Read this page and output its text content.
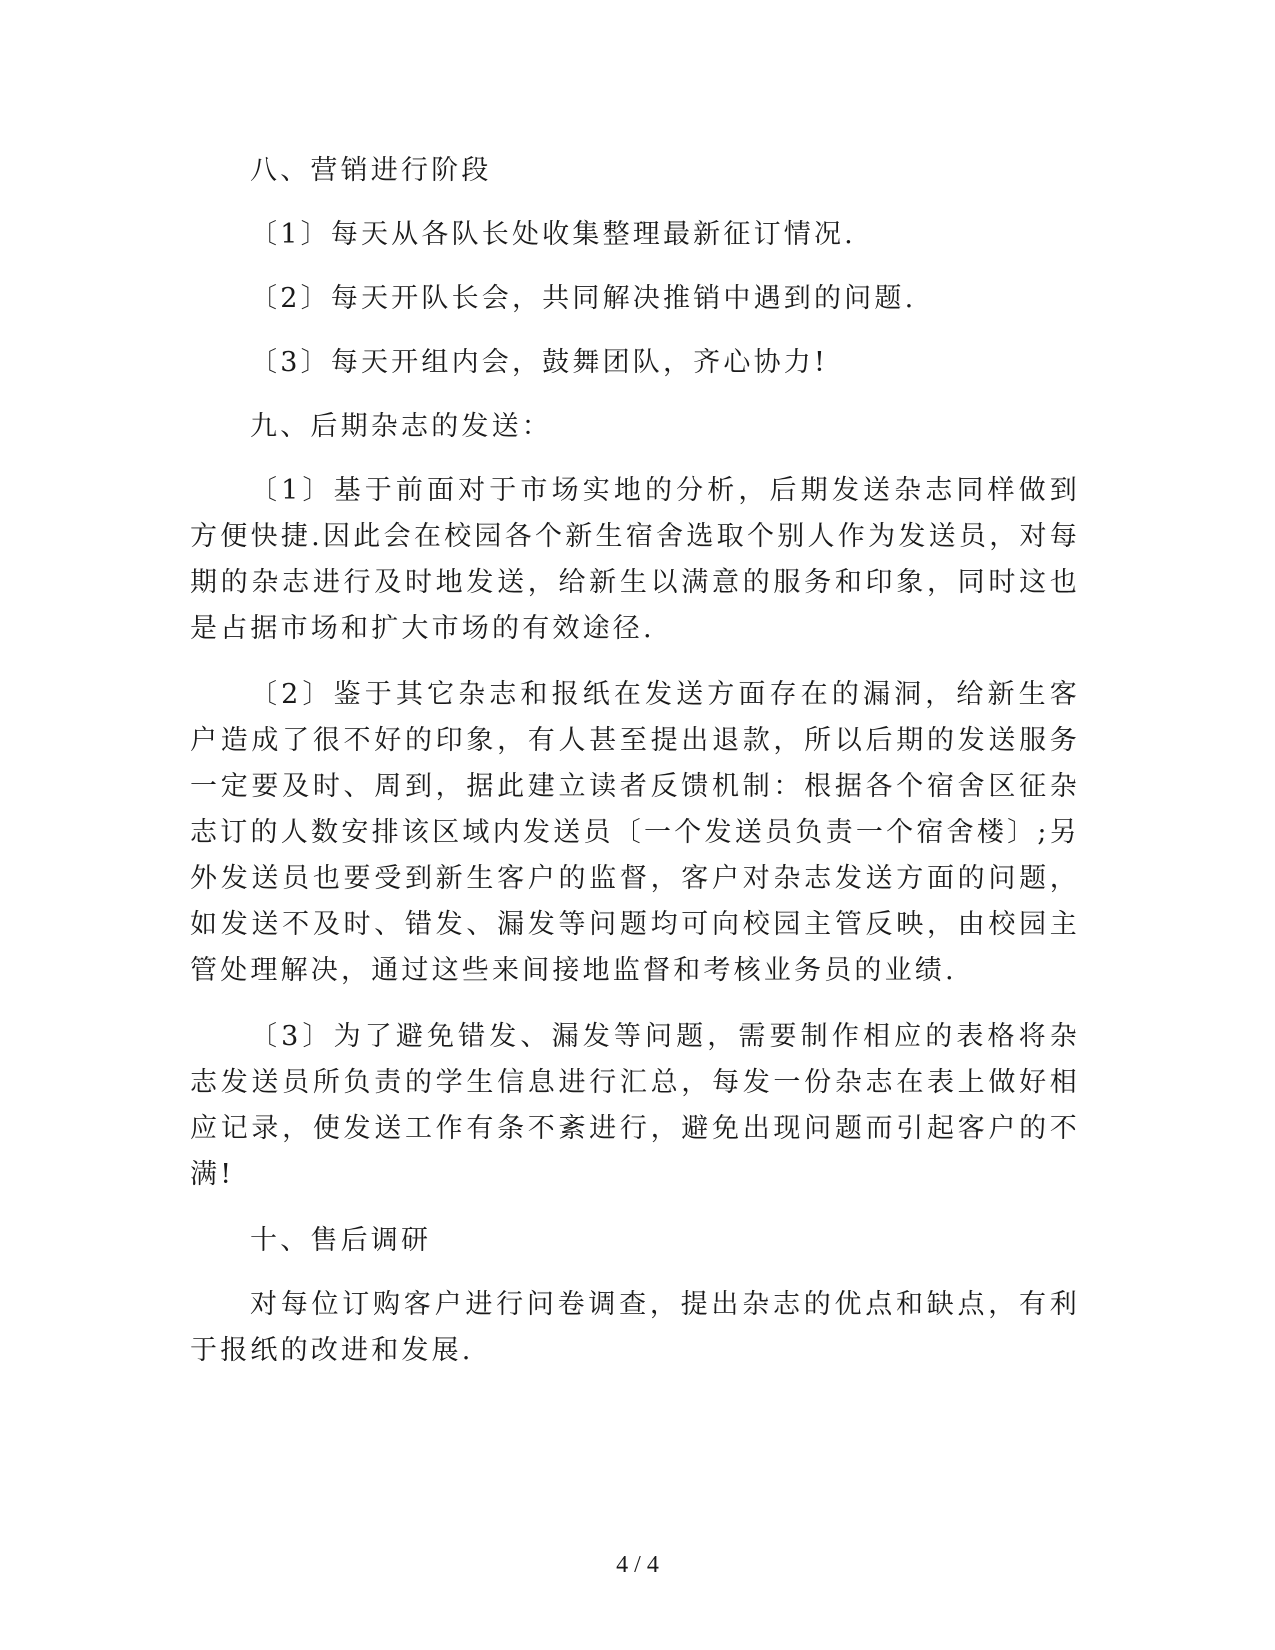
八、营销进行阶段

〔1〕每天从各队长处收集整理最新征订情况.

〔2〕每天开队长会，共同解决推销中遇到的问题.

〔3〕每天开组内会，鼓舞团队，齐心协力!

九、后期杂志的发送：

〔1〕基于前面对于市场实地的分析，后期发送杂志同样做到方便快捷.因此会在校园各个新生宿舍选取个别人作为发送员，对每期的杂志进行及时地发送，给新生以满意的服务和印象，同时这也是占据市场和扩大市场的有效途径.

〔2〕鉴于其它杂志和报纸在发送方面存在的漏洞，给新生客户造成了很不好的印象，有人甚至提出退款，所以后期的发送服务一定要及时、周到，据此建立读者反馈机制：根据各个宿舍区征杂志订的人数安排该区域内发送员〔一个发送员负责一个宿舍楼〕;另外发送员也要受到新生客户的监督，客户对杂志发送方面的问题，如发送不及时、错发、漏发等问题均可向校园主管反映，由校园主管处理解决，通过这些来间接地监督和考核业务员的业绩.

〔3〕为了避免错发、漏发等问题，需要制作相应的表格将杂志发送员所负责的学生信息进行汇总，每发一份杂志在表上做好相应记录，使发送工作有条不紊进行，避免出现问题而引起客户的不满!

十、售后调研

对每位订购客户进行问卷调查，提出杂志的优点和缺点，有利于报纸的改进和发展.

4 / 4
